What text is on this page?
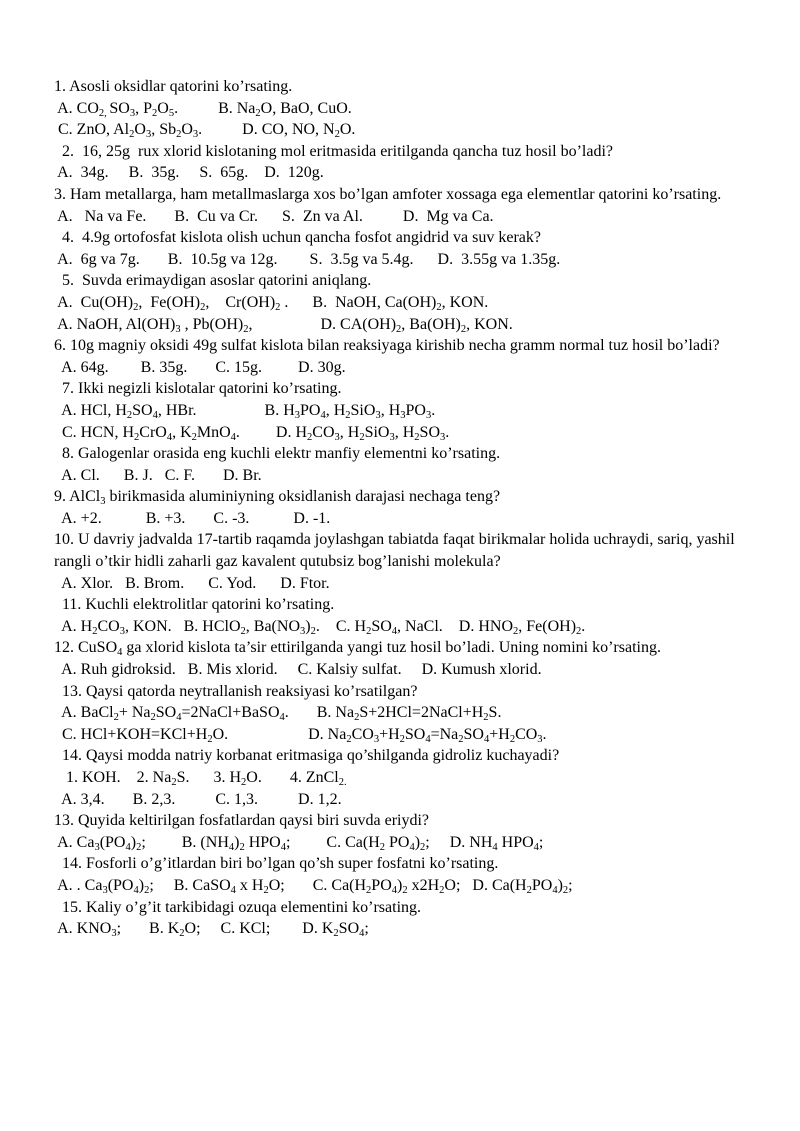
1. Asosli oksidlar qatorini ko’rsating.
A. $CO_{2,}$ $SO_3$, $P_2O_5$.          B. $Na_2O$, BaO, CuO.
C. ZnO, $Al_2O_3$, $Sb_2O_3$.          D. CO, NO, $N_2O$.
2.  16, 25g  rux xlorid kislotaning mol eritmasida eritilganda qancha tuz hosil bo’ladi?
A.  34g.     B.  35g.     S.  65g.    D.  120g.
3. Ham metallarga, ham metallmaslarga xos bo’lgan amfoter xossaga ega elementlar qatorini ko’rsating.
A.   Na va Fe.       B.  Cu va Cr.      S.  Zn va Al.          D.  Mg va Ca.
4.  4.9g ortofosfat kislota olish uchun qancha fosfot angidrid va suv kerak?
A.  6g va 7g.       B.  10.5g va 12g.        S.  3.5g va 5.4g.      D.  3.55g va 1.35g.
5.  Suvda erimaydigan asoslar qatorini aniqlang.
A.  $Cu(OH)_2$,  $Fe(OH)_2$,    $Cr(OH)_2$ .      B.  NaOH, $Ca(OH)_2$, KON.
A. NaOH, $Al(OH)_3$ , $Pb(OH)_2$,                 D. $CA(OH)_2$, $Ba(OH)_2$, KON.
6. 10g magniy oksidi 49g sulfat kislota bilan reaksiyaga kirishib necha gramm normal tuz hosil bo’ladi?
A. 64g.        B. 35g.       C. 15g.         D. 30g.
7. Ikki negizli kislotalar qatorini ko’rsating.
A. HCl, $H_2SO_4$, HBr.                 B. $H_3PO_4$, $H_2SiO_3$, $H_3PO_3$.
C. HCN, $H_2CrO_4$, $K_2MnO_4$.         D. $H_2CO_3$, $H_2SiO_3$, $H_2SO_3$.
8. Galogenlar orasida eng kuchli elektr manfiy elementni ko’rsating.
A. Cl.      B. J.   C. F.       D. Br.
9. AlCl$_3$ birikmasida aluminiyning oksidlanish darajasi nechaga teng?
A. +2.           B. +3.       C. -3.           D. -1.
10. U davriy jadvalda 17-tartib raqamda joylashgan tabiatda faqat birikmalar holida uchraydi, sariq, yashil rangli o’tkir hidli zaharli gaz kavalent qutubsiz bog’lanishi molekula?
A. Xlor.   B. Brom.      C. Yod.      D. Ftor.
11. Kuchli elektrolitlar qatorini ko’rsating.
A. $H_2CO_3$, KON.   B. HClO$_2$, $Ba(NO_3)_2$.    C. $H_2SO_4$, NaCl.    D. $HNO_2$, $Fe(OH)_2$.
12. CuSO$_4$ ga xlorid kislota ta’sir ettirilganda yangi tuz hosil bo’ladi. Uning nomini ko’rsating.
A. Ruh gidroksid.   B. Mis xlorid.     C. Kalsiy sulfat.     D. Kumush xlorid.
13. Qaysi qatorda neytrallanish reaksiyasi ko’rsatilgan?
A. BaCl$_2$+ $Na_2SO_4=2NaCl+BaSO_4$.       B. $Na_2S+2HCl=2NaCl+H_2S$.
C. $HCl+KOH=KCl+H_2O$.                    D. $Na_2CO_3+H_2SO_4=Na_2SO_4+H_2CO_3$.
14. Qaysi modda natriy korbanat eritmasiga qo’shilganda gidroliz kuchayadi?
1. KOH.    2. $Na_2S$.      3. $H_2O$.       4. ZnCl$_{2.}$
A. 3,4.       B. 2,3.          C. 1,3.          D. 1,2.
13. Quyida keltirilgan fosfatlardan qaysi biri suvda eriydi?
A. $Ca_3(PO_4)_2$;         B. $(NH_4)_2$ $HPO_4$;         C. $Ca(H_2$ $PO_4)_2$;     D. $NH_4$ $HPO_4$;
14. Fosforli o’g’itlardan biri bo’lgan qo’sh super fosfatni ko’rsating.
A. . $Ca_3(PO_4)_2$;     B. CaSO$_4$ x $H_2O$;       C. $Ca(H_2PO_4)_2$ $x2H_2O$;   D. $Ca(H_2PO_4)_2$;
15. Kaliy o’g’it tarkibidagi ozuqa elementini ko’rsating.
A. $KNO_3$;       B. $K_2O$;     C. KCl;        D. $K_2SO_4$;
